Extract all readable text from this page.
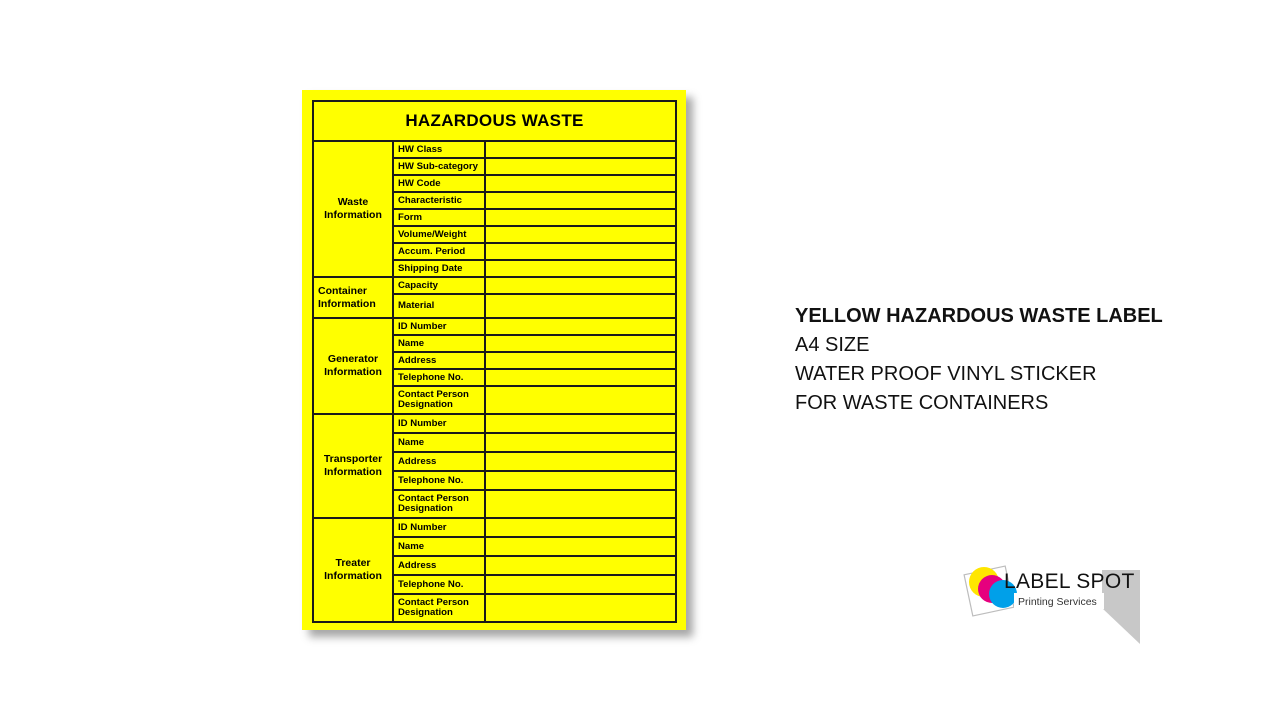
HAZARDOUS WASTE		
Waste Information	HW Class	
	HW Sub-category	
	HW Code	
	Characteristic	
	Form	
	Volume/Weight	
	Accum. Period	
	Shipping Date	
Container Information	Capacity	
	Material	
Generator Information	ID Number	
	Name	
	Address	
	Telephone No.	
	Contact Person Designation	
Transporter Information	ID Number	
	Name	
	Address	
	Telephone No.	
	Contact Person Designation	
Treater Information	ID Number	
	Name	
	Address	
	Telephone No.	
	Contact Person Designation	
YELLOW HAZARDOUS WASTE LABEL
A4 SIZE
WATER PROOF VINYL STICKER
FOR WASTE CONTAINERS
LABEL SPOT
Printing Services
